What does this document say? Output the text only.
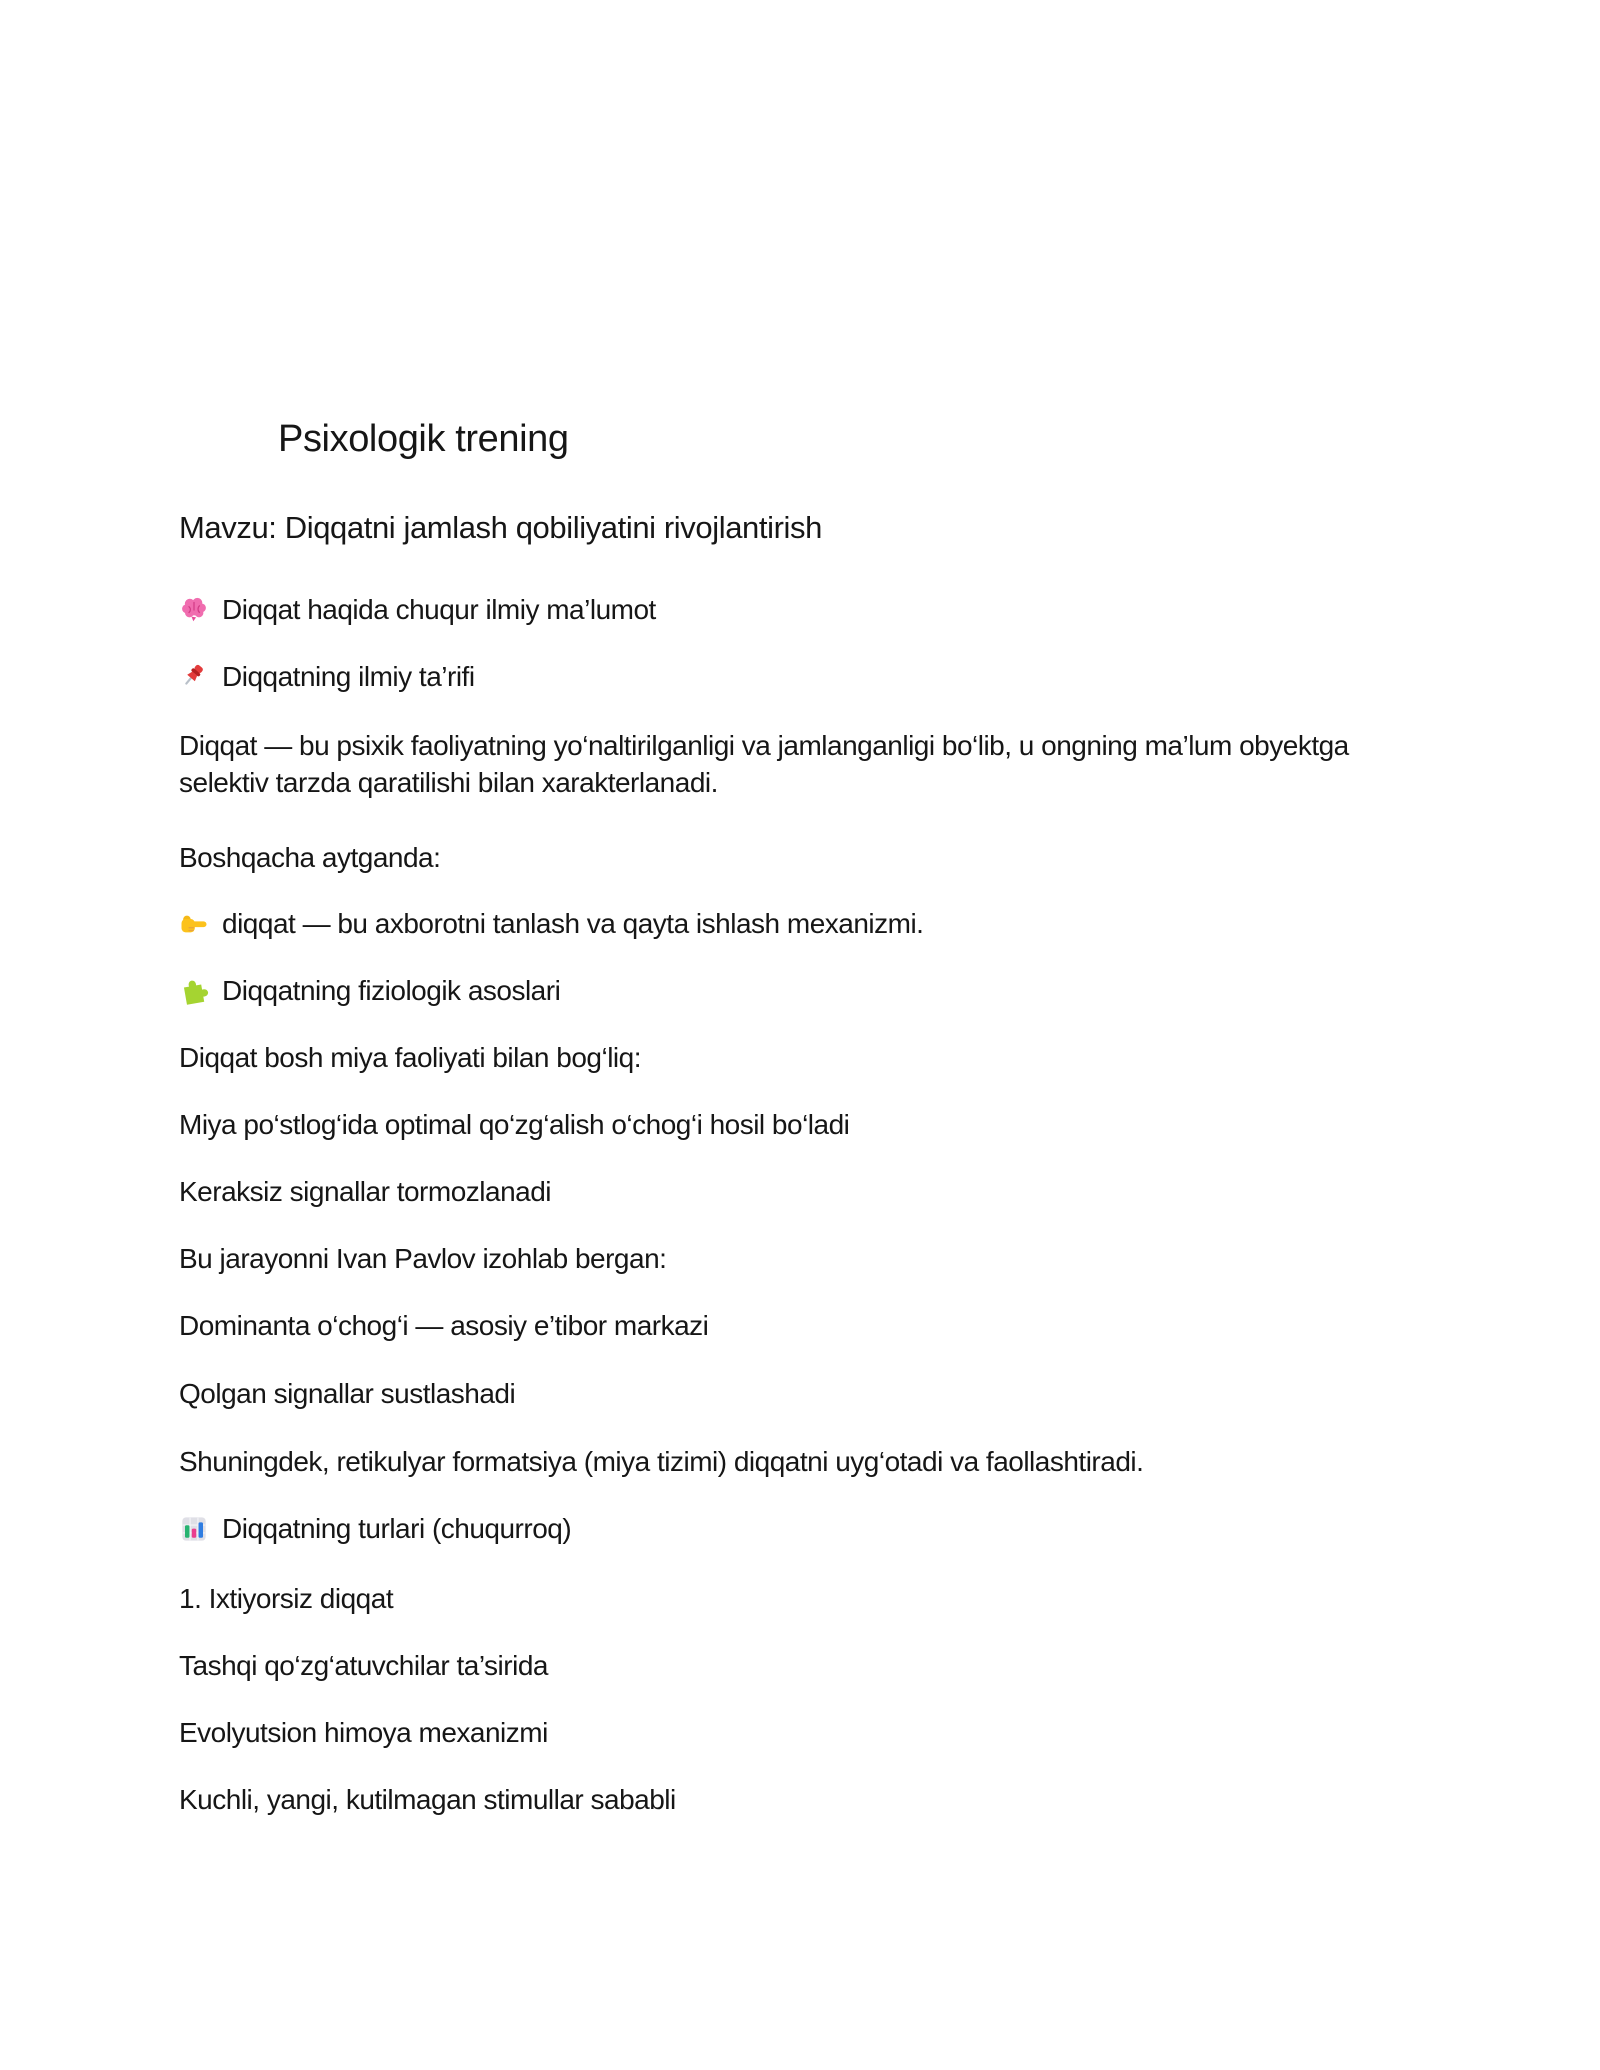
Psixologik trening
Mavzu: Diqqatni jamlash qobiliyatini rivojlantirish
Diqqat haqida chuqur ilmiy ma’lumot
Diqqatning ilmiy ta’rifi
Diqqat — bu psixik faoliyatning yo‘naltirilganligi va jamlanganligi bo‘lib, u ongning ma’lum obyektga selektiv tarzda qaratilishi bilan xarakterlanadi.
Boshqacha aytganda:
diqqat — bu axborotni tanlash va qayta ishlash mexanizmi.
Diqqatning fiziologik asoslari
Diqqat bosh miya faoliyati bilan bog‘liq:
Miya po‘stlog‘ida optimal qo‘zg‘alish o‘chog‘i hosil bo‘ladi
Keraksiz signallar tormozlanadi
Bu jarayonni Ivan Pavlov izohlab bergan:
Dominanta o‘chog‘i — asosiy e’tibor markazi
Qolgan signallar sustlashadi
Shuningdek, retikulyar formatsiya (miya tizimi) diqqatni uyg‘otadi va faollashtiradi.
Diqqatning turlari (chuqurroq)
1. Ixtiyorsiz diqqat
Tashqi qo‘zg‘atuvchilar ta’sirida
Evolyutsion himoya mexanizmi
Kuchli, yangi, kutilmagan stimullar sababli
